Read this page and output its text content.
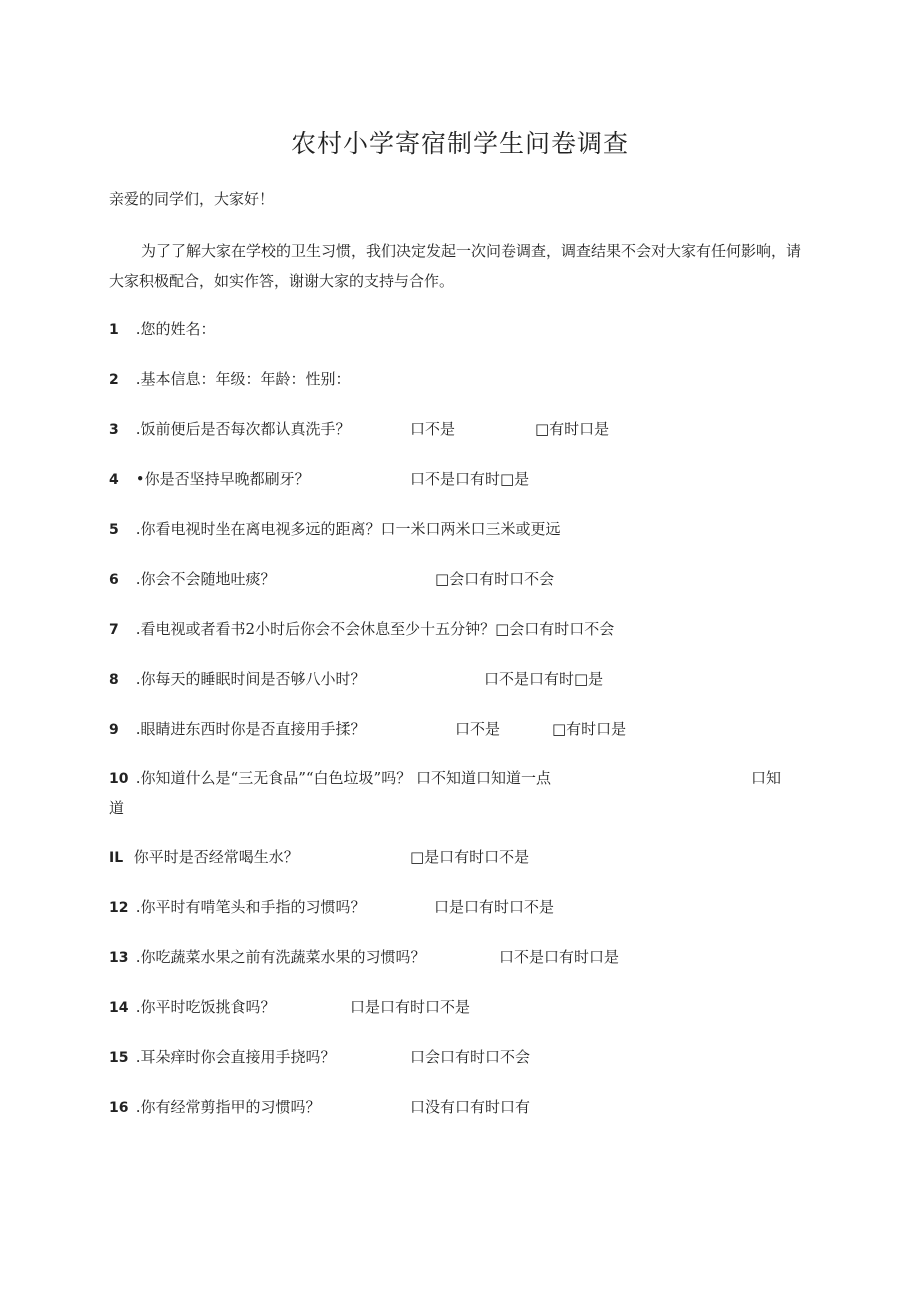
农村小学寄宿制学生问卷调查
亲爱的同学们，大家好！
为了了解大家在学校的卫生习惯，我们决定发起一次问卷调查，调查结果不会对大家有任何影响，请大家积极配合，如实作答，谢谢大家的支持与合作。
1 .您的姓名：
2 .基本信息：年级：年龄：性别：
3 .饭前便后是否每次都认真洗手？	口不是	□有时口是
4 •你是否坚持早晚都刷牙？	口不是口有时□是
5 .你看电视时坐在离电视多远的距离？口一米口两米口三米或更远
6 .你会不会随地吐痰？	□会口有时口不会
7 .看电视或者看书2小时后你会不会休息至少十五分钟？□会口有时口不会
8 .你每天的睡眠时间是否够八小时？	口不是口有时□是
9 .眼睛进东西时你是否直接用手揉？	口不是	□有时口是
10 .你知道什么是“三无食品”“白色垃圾”吗？ 口不知道口知道一点	口知
道
IL 你平时是否经常喝生水？	□是口有时口不是
12 .你平时有啃笔头和手指的习惯吗？	口是口有时口不是
13 .你吃蔬菜水果之前有洗蔬菜水果的习惯吗？	口不是口有时口是
14 .你平时吃饭挑食吗？	口是口有时口不是
15 .耳朵痒时你会直接用手挠吗？	口会口有时口不会
16 .你有经常剪指甲的习惯吗？	口没有口有时口有
